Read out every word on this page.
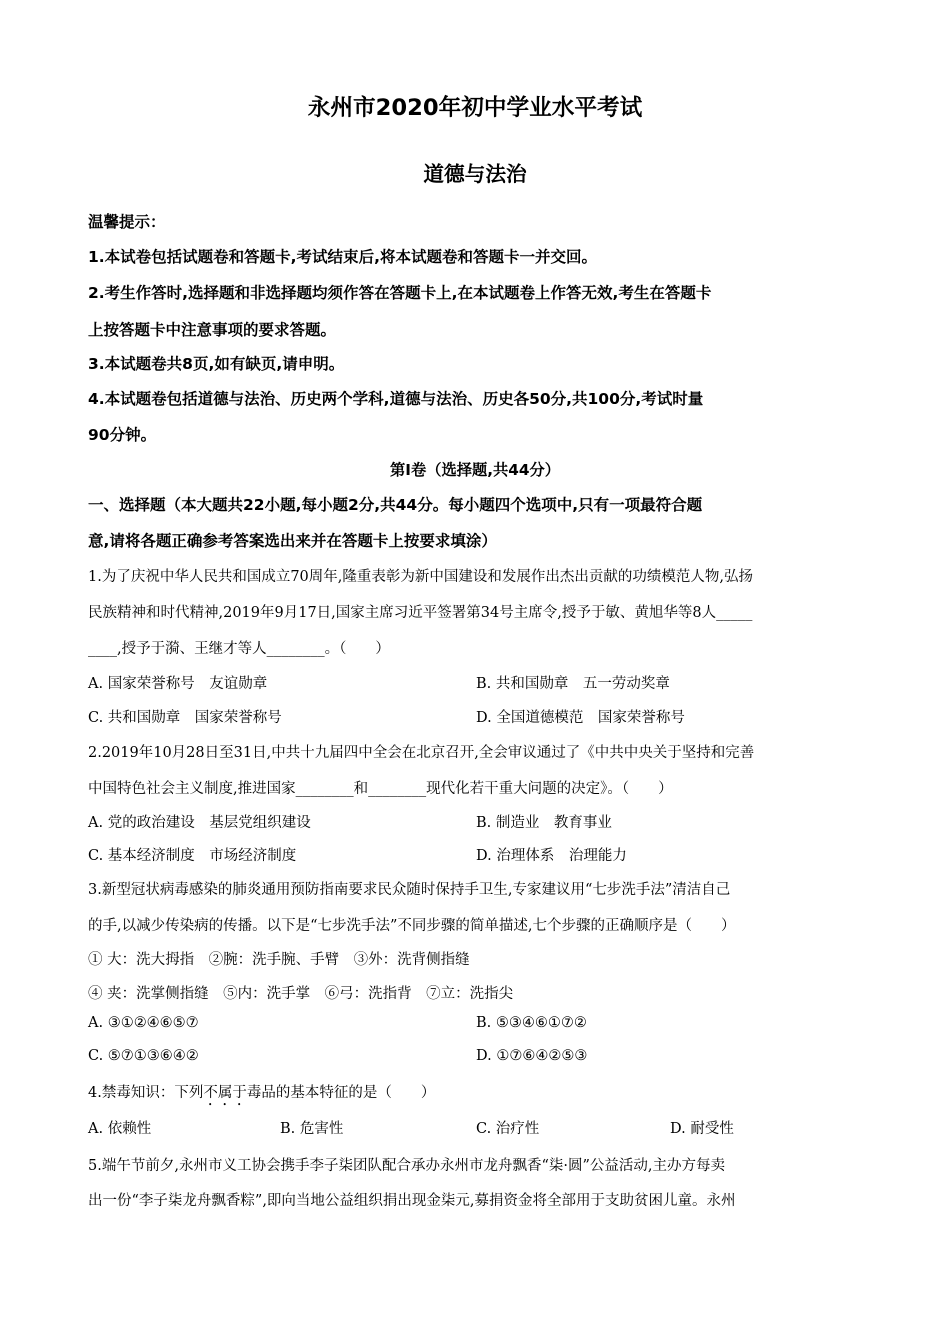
永州市2020年初中学业水平考试
道德与法治
温馨提示：
1.本试卷包括试题卷和答题卡,考试结束后,将本试题卷和答题卡一并交回。
2.考生作答时,选择题和非选择题均须作答在答题卡上,在本试题卷上作答无效,考生在答题卡
上按答题卡中注意事项的要求答题。
3.本试题卷共8页,如有缺页,请申明。
4.本试题卷包括道德与法治、历史两个学科,道德与法治、历史各50分,共100分,考试时量
90分钟。
第Ⅰ卷（选择题,共44分）
一、选择题（本大题共22小题,每小题2分,共44分。每小题四个选项中,只有一项最符合题
意,请将各题正确参考答案选出来并在答题卡上按要求填涂）
1.为了庆祝中华人民共和国成立70周年,隆重表彰为新中国建设和发展作出杰出贡献的功绩模范人物,弘扬
民族精神和时代精神,2019年9月17日,国家主席习近平签署第34号主席令,授予于敏、黄旭华等8人_____
____,授予于漪、王继才等人________。（　　）
A. 国家荣誉称号　友谊勋章	B. 共和国勋章　五一劳动奖章
C. 共和国勋章　国家荣誉称号	D. 全国道德模范　国家荣誉称号
2.2019年10月28日至31日,中共十九届四中全会在北京召开,全会审议通过了《中共中央关于坚持和完善
中国特色社会主义制度,推进国家________和________现代化若干重大问题的决定》。（　　）
A. 党的政治建设　基层党组织建设	B. 制造业　教育事业
C. 基本经济制度　市场经济制度	D. 治理体系　治理能力
3.新型冠状病毒感染的肺炎通用预防指南要求民众随时保持手卫生,专家建议用“七步洗手法”清洁自己
的手,以减少传染病的传播。以下是“七步洗手法”不同步骤的简单描述,七个步骤的正确顺序是（　　）
① 大：洗大拇指　②腕：洗手腕、手臂　③外：洗背侧指缝
④ 夹：洗掌侧指缝　⑤内：洗手掌　⑥弓：洗指背　⑦立：洗指尖
A. ③①②④⑥⑤⑦	B. ⑤③④⑥①⑦②
C. ⑤⑦①③⑥④②	D. ①⑦⑥④②⑤③
4.禁毒知识：下列不属于毒品的基本特征的是（　　）
A. 依赖性	B. 危害性	C. 治疗性	D. 耐受性
5.端午节前夕,永州市义工协会携手李子柒团队配合承办永州市龙舟飘香“柒·圆”公益活动,主办方每卖
出一份“李子柒龙舟飘香粽”,即向当地公益组织捐出现金柒元,募捐资金将全部用于支助贫困儿童。永州
